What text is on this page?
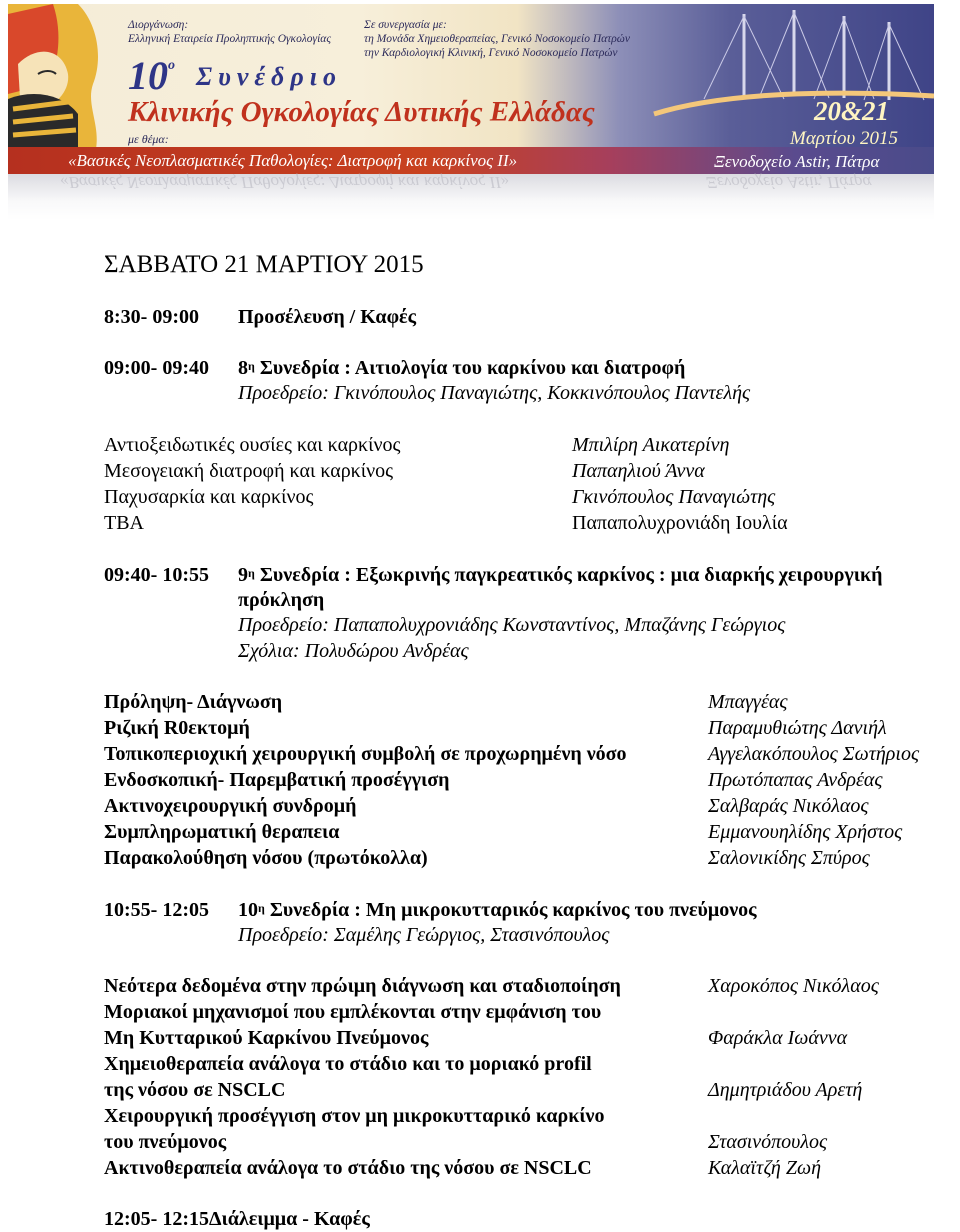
Διοργάνωση:
Ελληνική Εταιρεία Προληπτικής Ογκολογίας
Σε συνεργασία με:
τη Μονάδα Χημειοθεραπείας, Γενικό Νοσοκομείο Πατρών
την Καρδιολογική Κλινική, Γενικό Νοσοκομείο Πατρών
$10^o$ Συνέδριο
Κλινικής Ογκολογίας Δυτικής Ελλάδας
με θέμα:
«Βασικές Νεοπλασματικές Παθολογίες: Διατροφή και καρκίνος ΙΙ»
20&21
Μαρτίου 2015
Ξενοδοχείο Astir, Πάτρα
«Βασικές Νεοπλασματικές Παθολογίες: Διατροφή και καρκίνος ΙΙ»	Ξενοδοχείο Astir, Πάτρα
ΣΑΒΒΑΤΟ 21 ΜΑΡΤΙΟΥ 2015
8:30- 09:00 Προσέλευση / Καφές
09:00- 09:40 $8^\eta$ Συνεδρία : Αιτιολογία του καρκίνου και διατροφή
Προεδρείο: Γκινόπουλος Παναγιώτης, Κοκκινόπουλος Παντελής
Αντιοξειδωτικές ουσίες και καρκίνος	Μπιλίρη Αικατερίνη
Μεσογειακή διατροφή και καρκίνος	Παπαηλιού Άννα
Παχυσαρκία και καρκίνος	Γκινόπουλος Παναγιώτης
ΤΒΑ	Παπαπολυχρονιάδη Ιουλία
09:40- 10:55 $9^\eta$ Συνεδρία : Εξωκρινής παγκρεατικός καρκίνος : μια διαρκής χειρουργική
πρόκληση
Προεδρείο: Παπαπολυχρονιάδης Κωνσταντίνος, Μπαζάνης Γεώργιος
Σχόλια: Πολυδώρου Ανδρέας
Πρόληψη- Διάγνωση	Μπαγγέας
Ριζική R0εκτομή	Παραμυθιώτης Δανιήλ
Τοπικοπεριοχική χειρουργική συμβολή σε προχωρημένη νόσο	Αγγελακόπουλος Σωτήριος
Ενδοσκοπική- Παρεμβατική προσέγγιση	Πρωτόπαπας Ανδρέας
Ακτινοχειρουργική συνδρομή	Σαλβαράς Νικόλαος
Συμπληρωματική θεραπεια	Εμμανουηλίδης Χρήστος
Παρακολούθηση νόσου (πρωτόκολλα)	Σαλονικίδης Σπύρος
10:55- 12:05 $10^\eta$ Συνεδρία : Μη μικροκυτταρικός καρκίνος του πνεύμονος
Προεδρείο: Σαμέλης Γεώργιος, Στασινόπουλος
Νεότερα δεδομένα στην πρώιμη διάγνωση και σταδιοποίηση	Χαροκόπος Νικόλαος
Μοριακοί μηχανισμοί που εμπλέκονται στην εμφάνιση του
Μη Κυτταρικού Καρκίνου Πνεύμονος	Φαράκλα Ιωάννα
Χημειοθεραπεία ανάλογα το στάδιο και το μοριακό profil
της νόσου σε NSCLC	Δημητριάδου Αρετή
Χειρουργική προσέγγιση στον μη μικροκυτταρικό καρκίνο
του πνεύμονος	Στασινόπουλος
Ακτινοθεραπεία ανάλογα το στάδιο της νόσου σε NSCLC	Καλαϊτζή Ζωή
12:05- 12:15Διάλειμμα - Καφές
